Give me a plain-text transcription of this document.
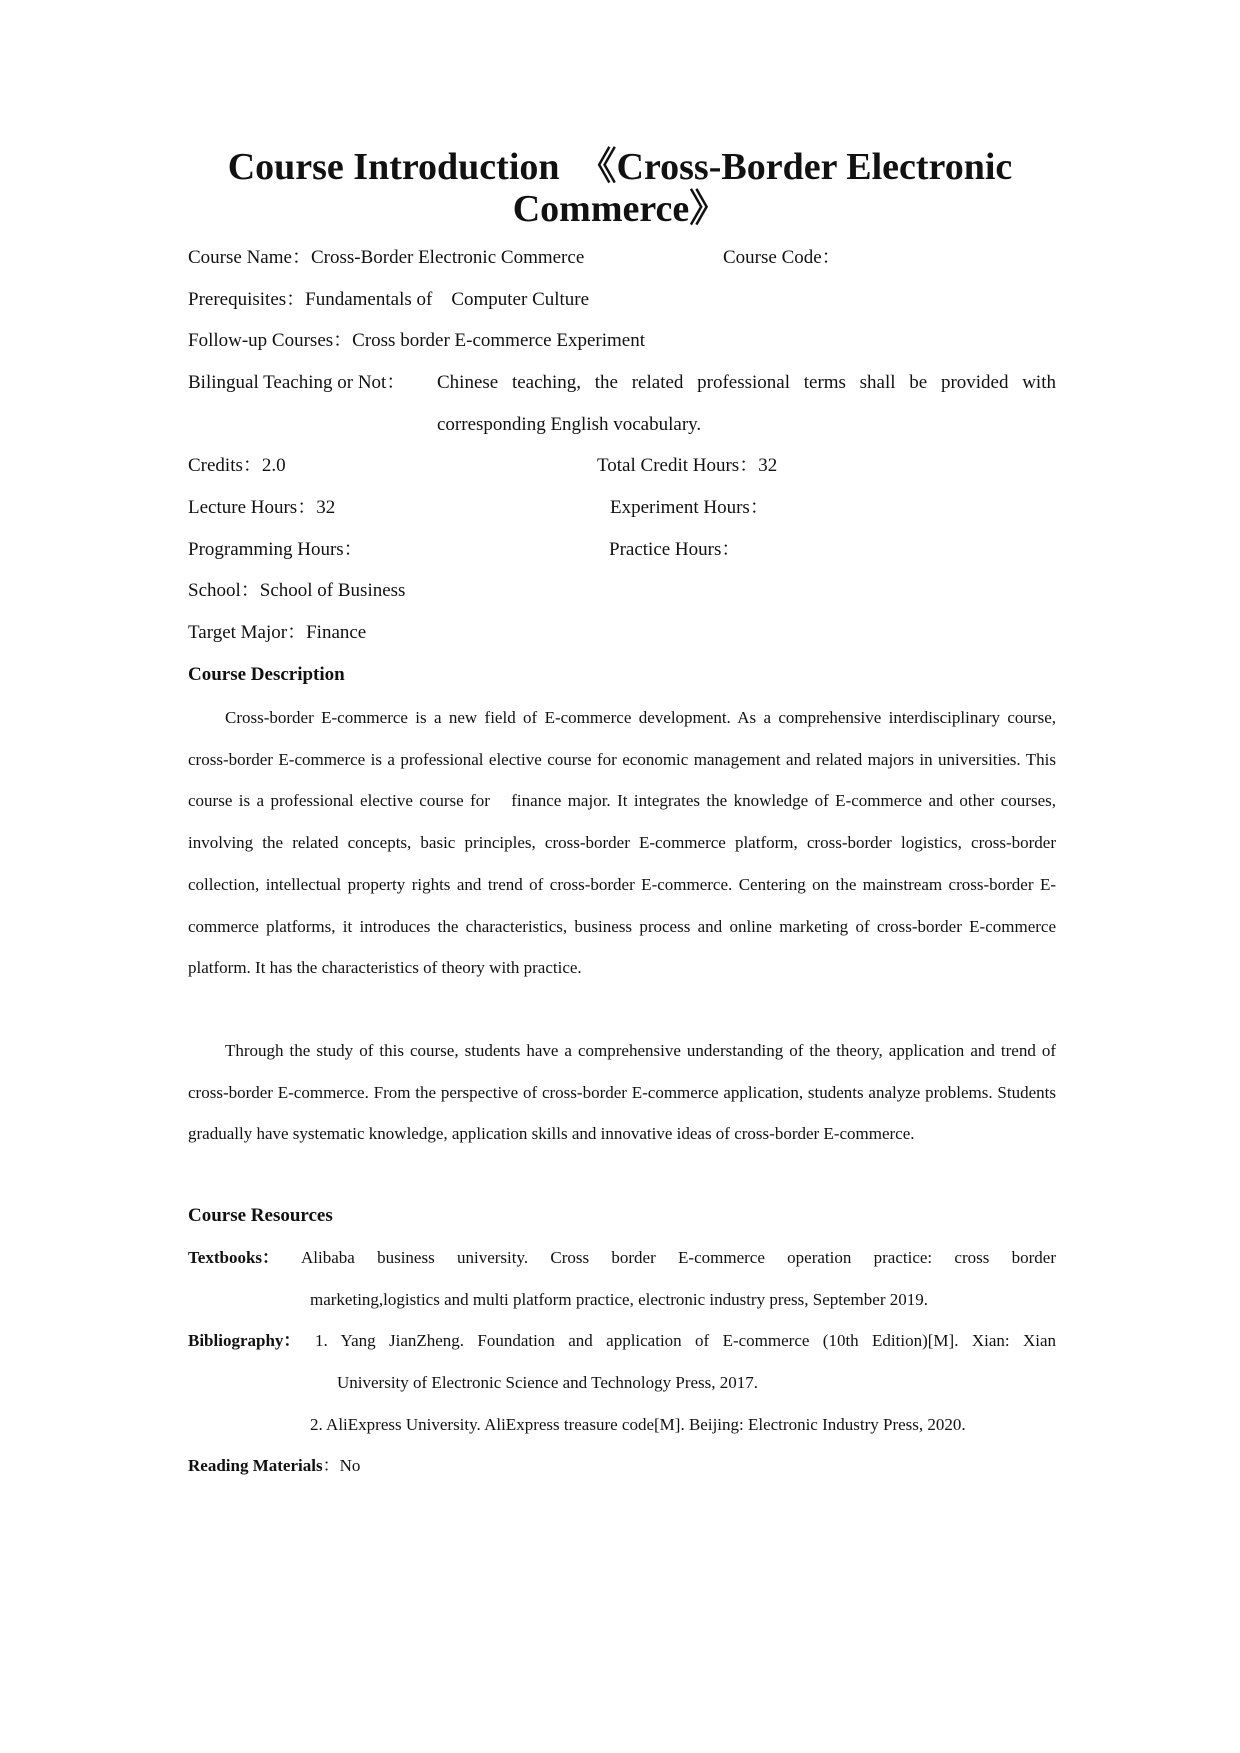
Course Introduction　《Cross-Border Electronic Commerce》
Course Name：Cross-Border Electronic Commerce	Course Code：
Prerequisites：Fundamentals of　Computer Culture
Follow-up Courses：Cross border E-commerce Experiment
Bilingual Teaching or Not： Chinese teaching, the related professional terms shall be provided with
corresponding English vocabulary.
Credits：2.0	Total Credit Hours：32
Lecture Hours：32	Experiment Hours：
Programming Hours：	Practice Hours：
School：School of Business
Target Major：Finance
Course Description

Cross-border E-commerce is a new field of E-commerce development. As a comprehensive interdisciplinary course, cross-border E-commerce is a professional elective course for economic management and related majors in universities. This course is a professional elective course for　finance major. It integrates the knowledge of E-commerce and other courses, involving the related concepts, basic principles, cross-border E-commerce platform, cross-border logistics, cross-border collection, intellectual property rights and trend of cross-border E-commerce. Centering on the mainstream cross-border E-commerce platforms, it introduces the characteristics, business process and online marketing of cross-border E-commerce platform. It has the characteristics of theory with practice.

Through the study of this course, students have a comprehensive understanding of the theory, application and trend of cross-border E-commerce. From the perspective of cross-border E-commerce application, students analyze problems. Students gradually have systematic knowledge, application skills and innovative ideas of cross-border E-commerce.

Course Resources
Textbooks： Alibaba business university. Cross border E-commerce operation practice: cross border
marketing,logistics and multi platform practice, electronic industry press, September 2019.
Bibliography： 1. Yang JianZheng. Foundation and application of E-commerce (10th Edition)[M]. Xian: Xian
University of Electronic Science and Technology Press, 2017.
2. AliExpress University. AliExpress treasure code[M]. Beijing: Electronic Industry Press, 2020.
Reading Materials：No
